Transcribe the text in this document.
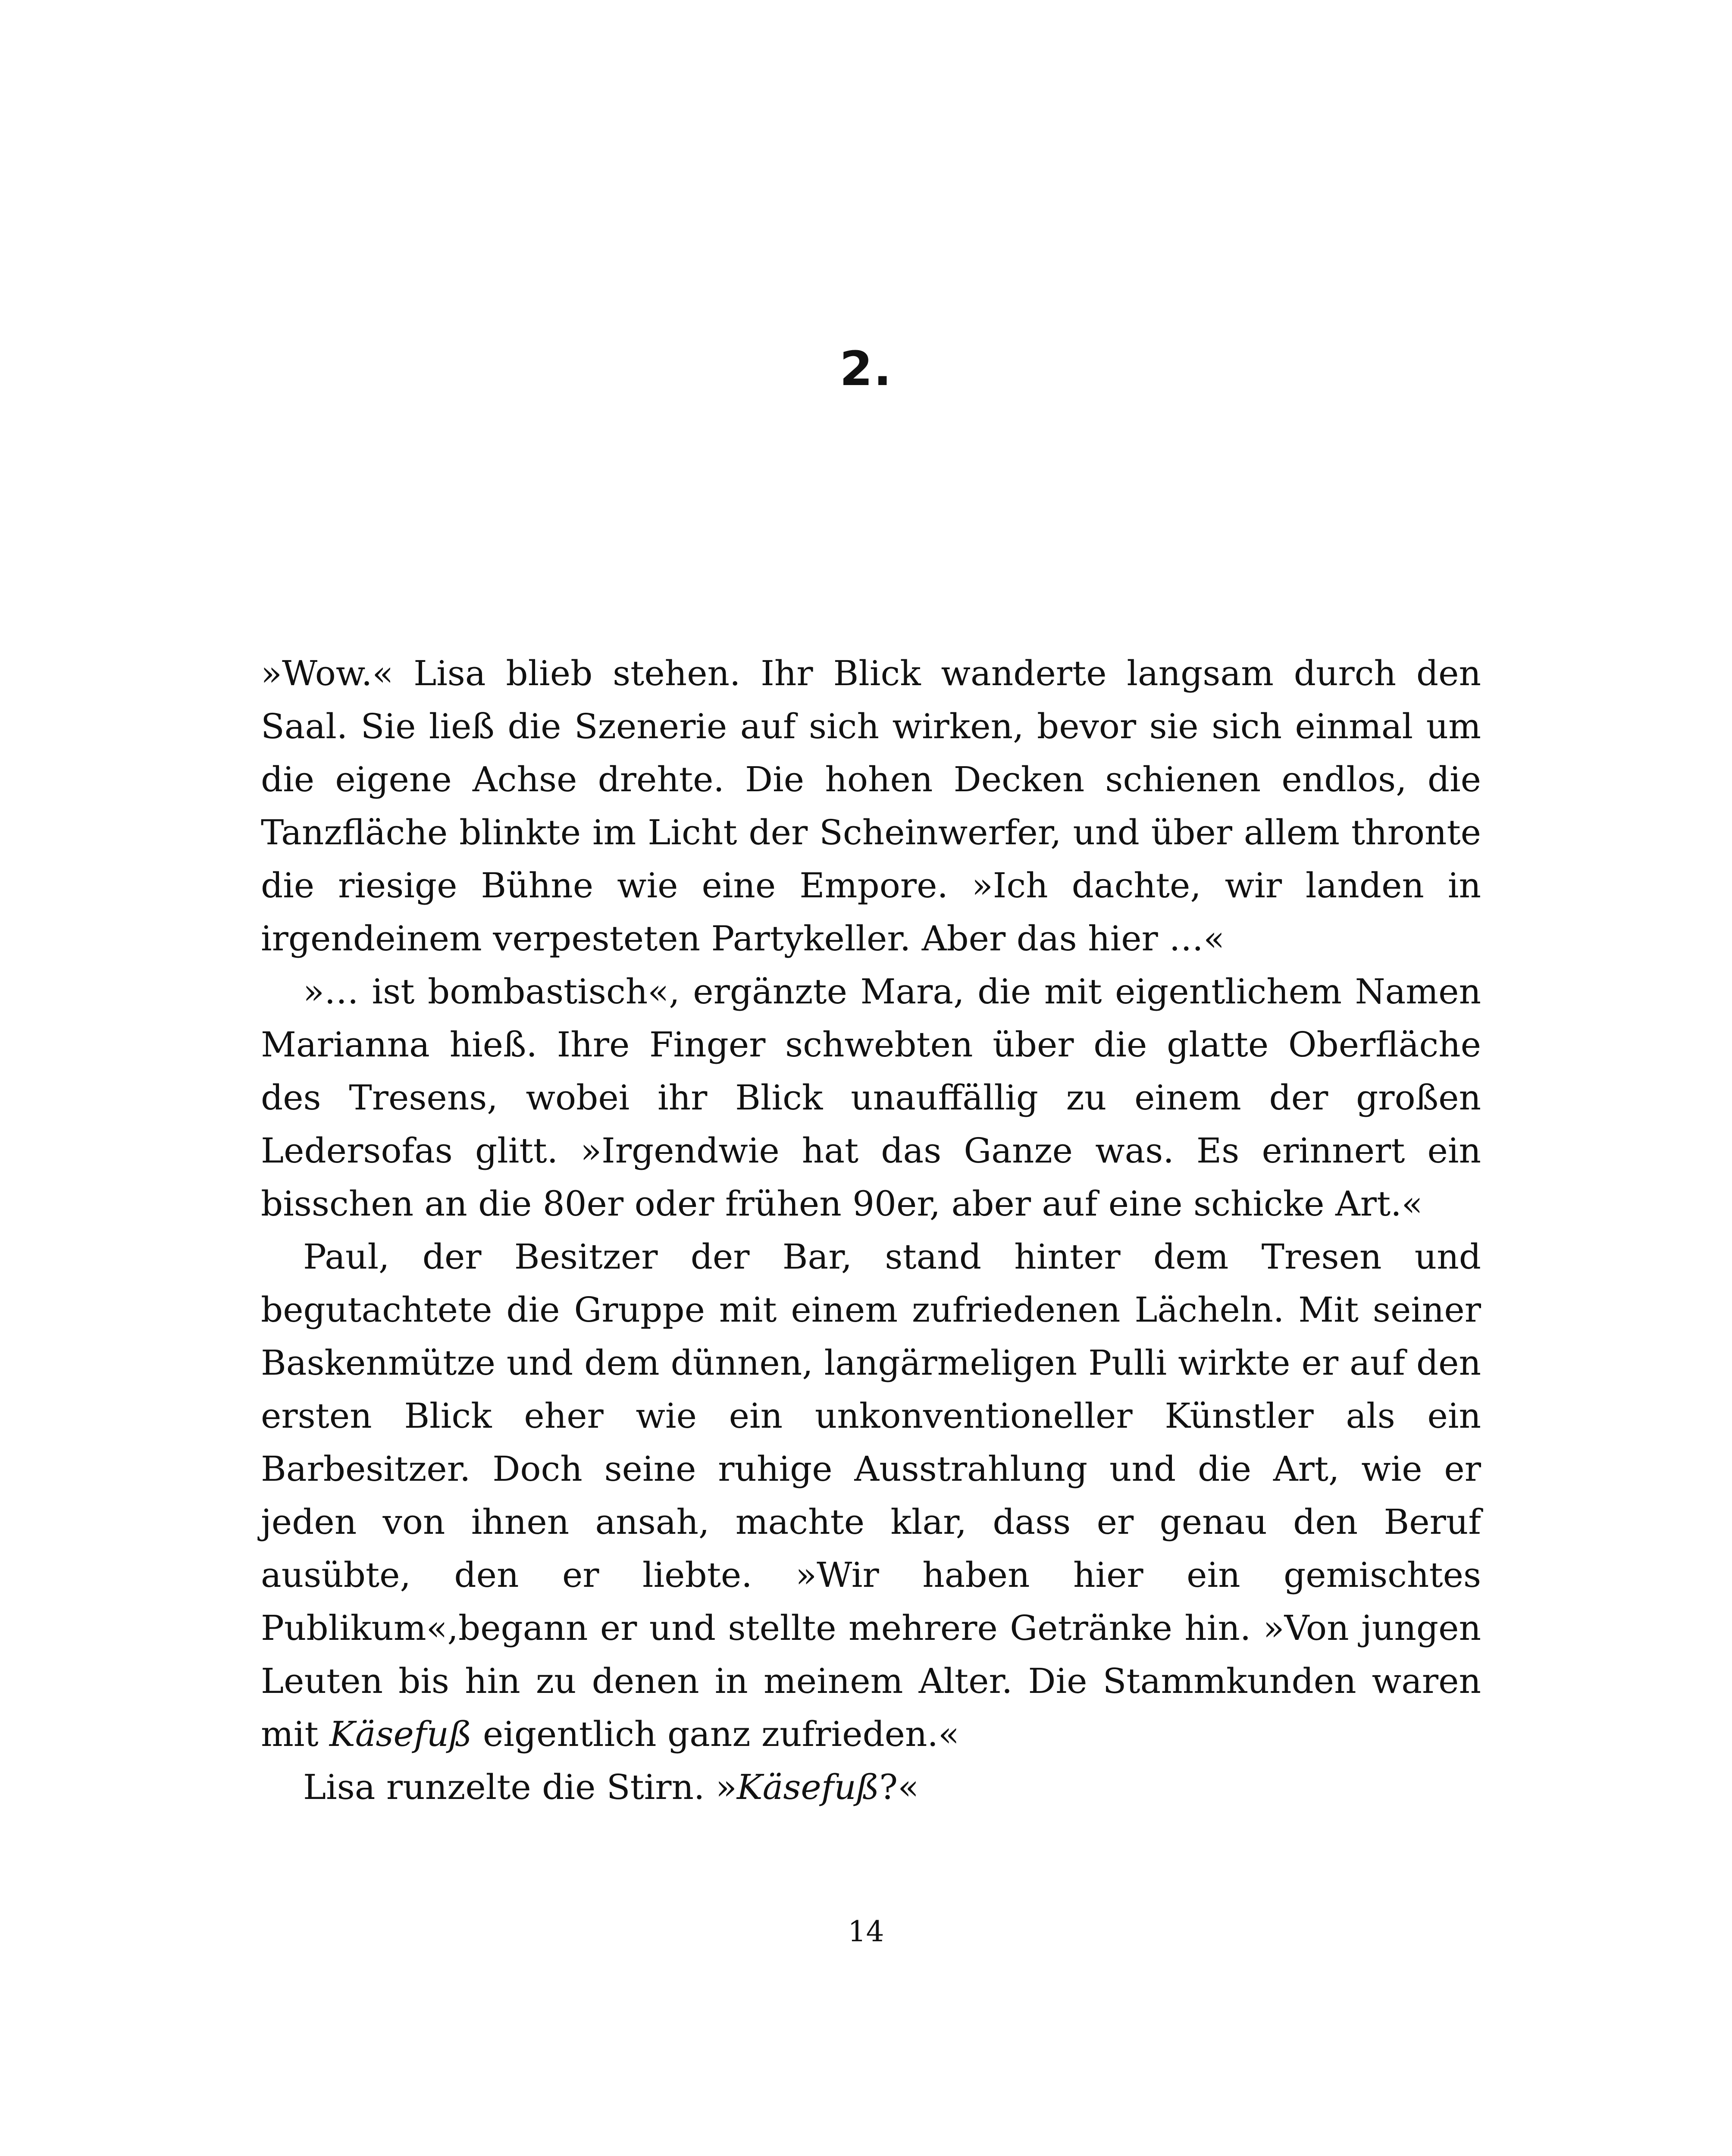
2.

»Wow.« Lisa blieb stehen. Ihr Blick wanderte langsam durch den Saal. Sie ließ die Szenerie auf sich wirken, bevor sie sich einmal um die eigene Achse drehte. Die hohen Decken schienen endlos, die Tanzfläche blinkte im Licht der Scheinwerfer, und über allem thronte die riesige Bühne wie eine Empore. »Ich dachte, wir landen in irgendeinem verpesteten Partykeller. Aber das hier …«

»… ist bombastisch«, ergänzte Mara, die mit eigentlichem Namen Marianna hieß. Ihre Finger schwebten über die glatte Oberfläche des Tresens, wobei ihr Blick unauffällig zu einem der großen Ledersofas glitt. »Irgendwie hat das Ganze was. Es erinnert ein bisschen an die 80er oder frühen 90er, aber auf eine schicke Art.«

Paul, der Besitzer der Bar, stand hinter dem Tresen und begutachtete die Gruppe mit einem zufriedenen Lächeln. Mit seiner Baskenmütze und dem dünnen, langärmeligen Pulli wirkte er auf den ersten Blick eher wie ein unkonventioneller Künstler als ein Barbesitzer. Doch seine ruhige Ausstrahlung und die Art, wie er jeden von ihnen ansah, machte klar, dass er genau den Beruf ausübte, den er liebte. »Wir haben hier ein gemischtes Publikum«,begann er und stellte mehrere Getränke hin. »Von jungen Leuten bis hin zu denen in meinem Alter. Die Stammkunden waren mit Käsefuß eigentlich ganz zufrieden.«

Lisa runzelte die Stirn. »Käsefuß?«

14
